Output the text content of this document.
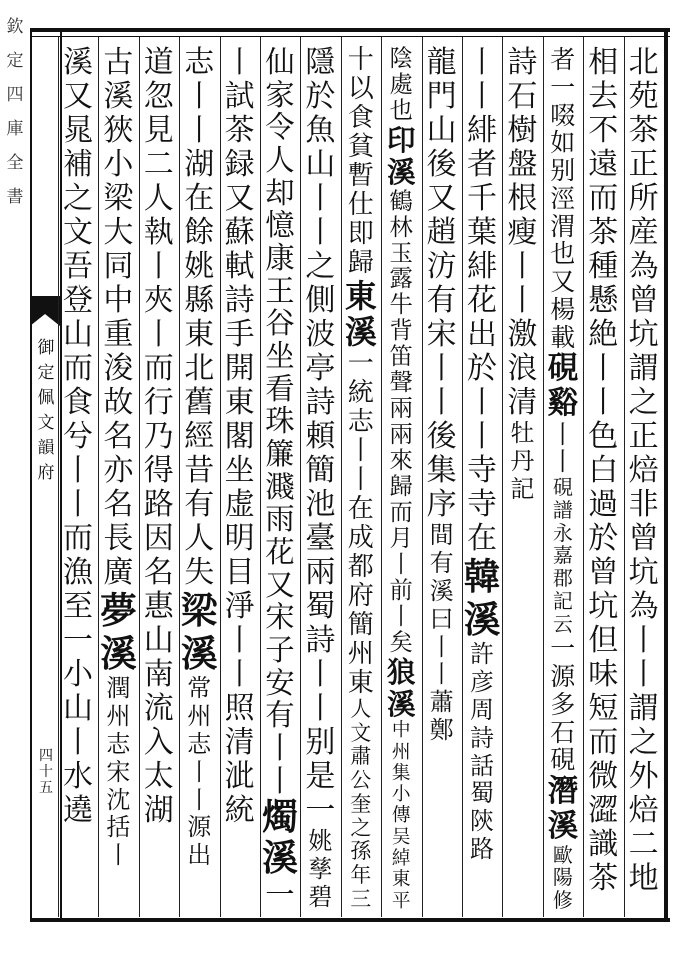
欽
定
四
庫
全
書
御
定
佩
文
韻
府
四
十
五
北
苑
茶
正
所
産
為
曾
坑
謂
之
正
焙
非
曾
坑
為
丨
丨
謂
之
外
焙
二
地
相
去
不
遠
而
茶
種
懸
絶
丨
丨
色
白
過
於
曾
坑
但
味
短
而
微
澀
識
茶
者
一
啜
如
别
涇
渭
也
又
楊
載
硯
谿
丨
丨
硯
譜
永
嘉
郡
記
云
一
源
多
石
硯
潛
溪
歐
陽
修
詩
石
樹
盤
根
瘦
丨
丨
激
浪
清
牡
丹
記
丨
丨
緋
者
千
葉
緋
花
出
於
丨
丨
寺
寺
在
韓
溪
許
彦
周
詩
話
蜀
陝
路
龍
門
山
後
又
趙
汸
有
宋
丨
丨
後
集
序
間
有
溪
曰
丨
丨
蕭
鄭
陰
處
也
印
溪
鶴
林
玉
露
牛
背
笛
聲
兩
兩
來
歸
而
月
丨
前
丨
矣
狼
溪
中
州
集
小
傳
吴
綽
東
平
十
以
食
貧
暫
仕
即
歸
東
溪
一
統
志
丨
丨
在
成
都
府
簡
州
東
人
文
肅
公
奎
之
孫
年
三
隱
於
魚
山
丨
丨
之
側
波
亭
詩
頼
簡
池
臺
兩
蜀
詩
丨
丨
别
是
一
姚
孳
碧
仙
家
令
人
却
憶
康
王
谷
坐
看
珠
簾
濺
雨
花
又
宋
子
安
有
丨
丨
燭
溪
一
丨
試
茶
録
又
蘇
軾
詩
手
開
東
閣
坐
虚
明
目
淨
丨
丨
照
清
泚
統
志
丨
丨
湖
在
餘
姚
縣
東
北
舊
經
昔
有
人
失
梁
溪
常
州
志
丨
丨
源
出
道
忽
見
二
人
執
丨
夾
丨
而
行
乃
得
路
因
名
惠
山
南
流
入
太
湖
古
溪
狹
小
梁
大
同
中
重
浚
故
名
亦
名
長
廣
夢
溪
潤
州
志
宋
沈
括
丨
溪
又
晁
補
之
文
吾
登
山
而
食
兮
丨
丨
而
漁
至
一
小
山
丨
水
遶
